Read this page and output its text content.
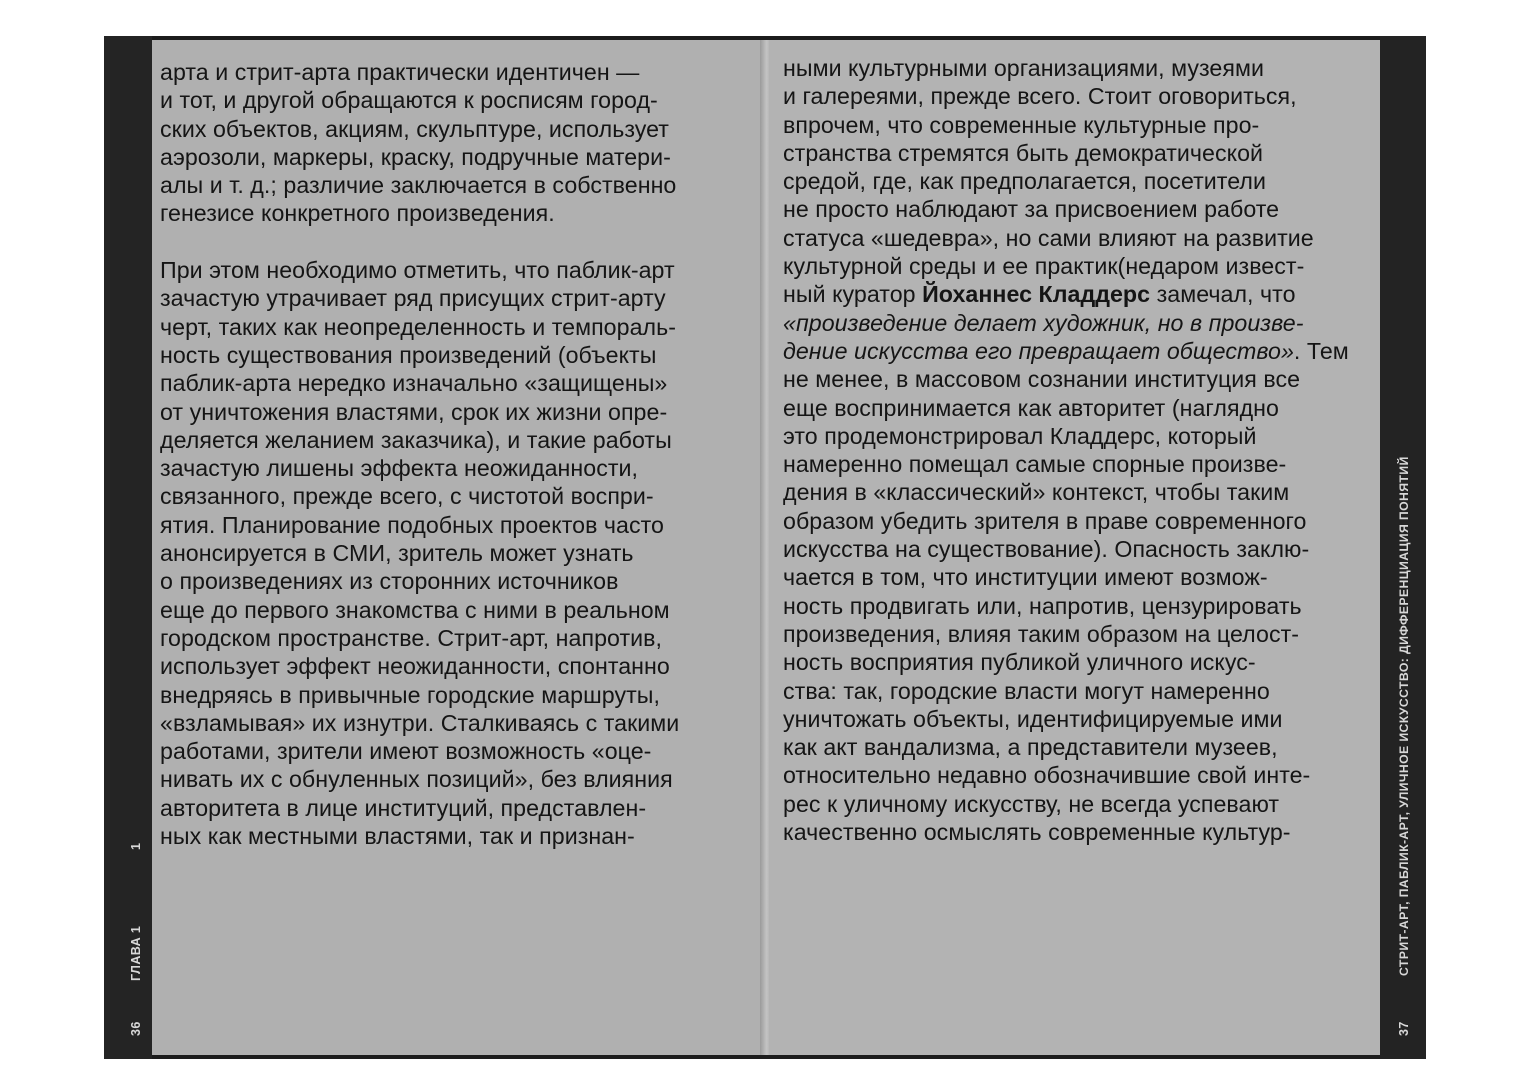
36
ГЛАВА 1
1
арта и стрит-арта практически идентичен —
и тот, и другой обращаются к росписям город-
ских объектов, акциям, скульптуре, использует
аэрозоли, маркеры, краску, подручные матери-
алы и т. д.; различие заключается в собственно
генезисе конкретного произведения.
При этом необходимо отметить, что паблик-арт
зачастую утрачивает ряд присущих стрит-арту
черт, таких как неопределенность и темпораль-
ность существования произведений (объекты
паблик-арта нередко изначально «защищены»
от уничтожения властями, срок их жизни опре-
деляется желанием заказчика), и такие работы
зачастую лишены эффекта неожиданности,
связанного, прежде всего, с чистотой воспри-
ятия. Планирование подобных проектов часто
анонсируется в СМИ, зритель может узнать
о произведениях из сторонних источников
еще до первого знакомства с ними в реальном
городском пространстве. Стрит-арт, напротив,
использует эффект неожиданности, спонтанно
внедряясь в привычные городские маршруты,
«взламывая» их изнутри. Сталкиваясь с такими
работами, зрители имеют возможность «оце-
нивать их с обнуленных позиций», без влияния
авторитета в лице институций, представлен-
ных как местными властями, так и признан-
ными культурными организациями, музеями
и галереями, прежде всего. Стоит оговориться,
впрочем, что современные культурные про-
странства стремятся быть демократической
средой, где, как предполагается, посетители
не просто наблюдают за присвоением работе
статуса «шедевра», но сами влияют на развитие
культурной среды и ее практик(недаром извест-
ный куратор Йоханнес Кладдерс замечал, что
«произведение делает художник, но в произве-
дение искусства его превращает общество». Тем
не менее, в массовом сознании институция все
еще воспринимается как авторитет (наглядно
это продемонстрировал Кладдерс, который
намеренно помещал самые спорные произве-
дения в «классический» контекст, чтобы таким
образом убедить зрителя в праве современного
искусства на существование). Опасность заклю-
чается в том, что институции имеют возмож-
ность продвигать или, напротив, цензурировать
произведения, влияя таким образом на целост-
ность восприятия публикой уличного искус-
ства: так, городские власти могут намеренно
уничтожать объекты, идентифицируемые ими
как акт вандализма, а представители музеев,
относительно недавно обозначившие свой инте-
рес к уличному искусству, не всегда успевают
качественно осмыслять современные культур-
37
СТРИТ-АРТ, ПАБЛИК-АРТ, УЛИЧНОЕ ИСКУССТВО: ДИФФЕРЕНЦИАЦИЯ ПОНЯТИЙ
